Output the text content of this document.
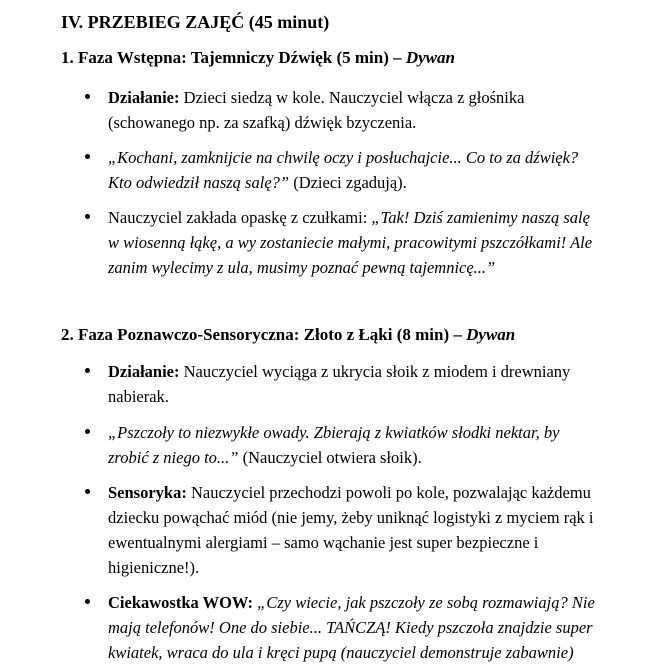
IV. PRZEBIEG ZAJĘĆ (45 minut)
1. Faza Wstępna: Tajemniczy Dźwięk (5 min) – Dywan
Działanie: Dzieci siedzą w kole. Nauczyciel włącza z głośnika
(schowanego np. za szafką) dźwięk bzyczenia.
„Kochani, zamknijcie na chwilę oczy i posłuchajcie... Co to za dźwięk?
Kto odwiedził naszą salę?” (Dzieci zgadują).
Nauczyciel zakłada opaskę z czułkami: „Tak! Dziś zamienimy naszą salę
w wiosenną łąkę, a wy zostaniecie małymi, pracowitymi pszczółkami! Ale
zanim wylecimy z ula, musimy poznać pewną tajemnicę...”
2. Faza Poznawczo-Sensoryczna: Złoto z Łąki (8 min) – Dywan
Działanie: Nauczyciel wyciąga z ukrycia słoik z miodem i drewniany
nabierak.
„Pszczoły to niezwykłe owady. Zbierają z kwiatków słodki nektar, by
zrobić z niego to...” (Nauczyciel otwiera słoik).
Sensoryka: Nauczyciel przechodzi powoli po kole, pozwalając każdemu
dziecku powąchać miód (nie jemy, żeby uniknąć logistyki z myciem rąk i
ewentualnymi alergiami – samo wąchanie jest super bezpieczne i
higieniczne!).
Ciekawostka WOW: „Czy wiecie, jak pszczoły ze sobą rozmawiają? Nie
mają telefonów! One do siebie... TAŃCZĄ! Kiedy pszczoła znajdzie super
kwiatek, wraca do ula i kręci pupą (nauczyciel demonstruje zabawnie)
